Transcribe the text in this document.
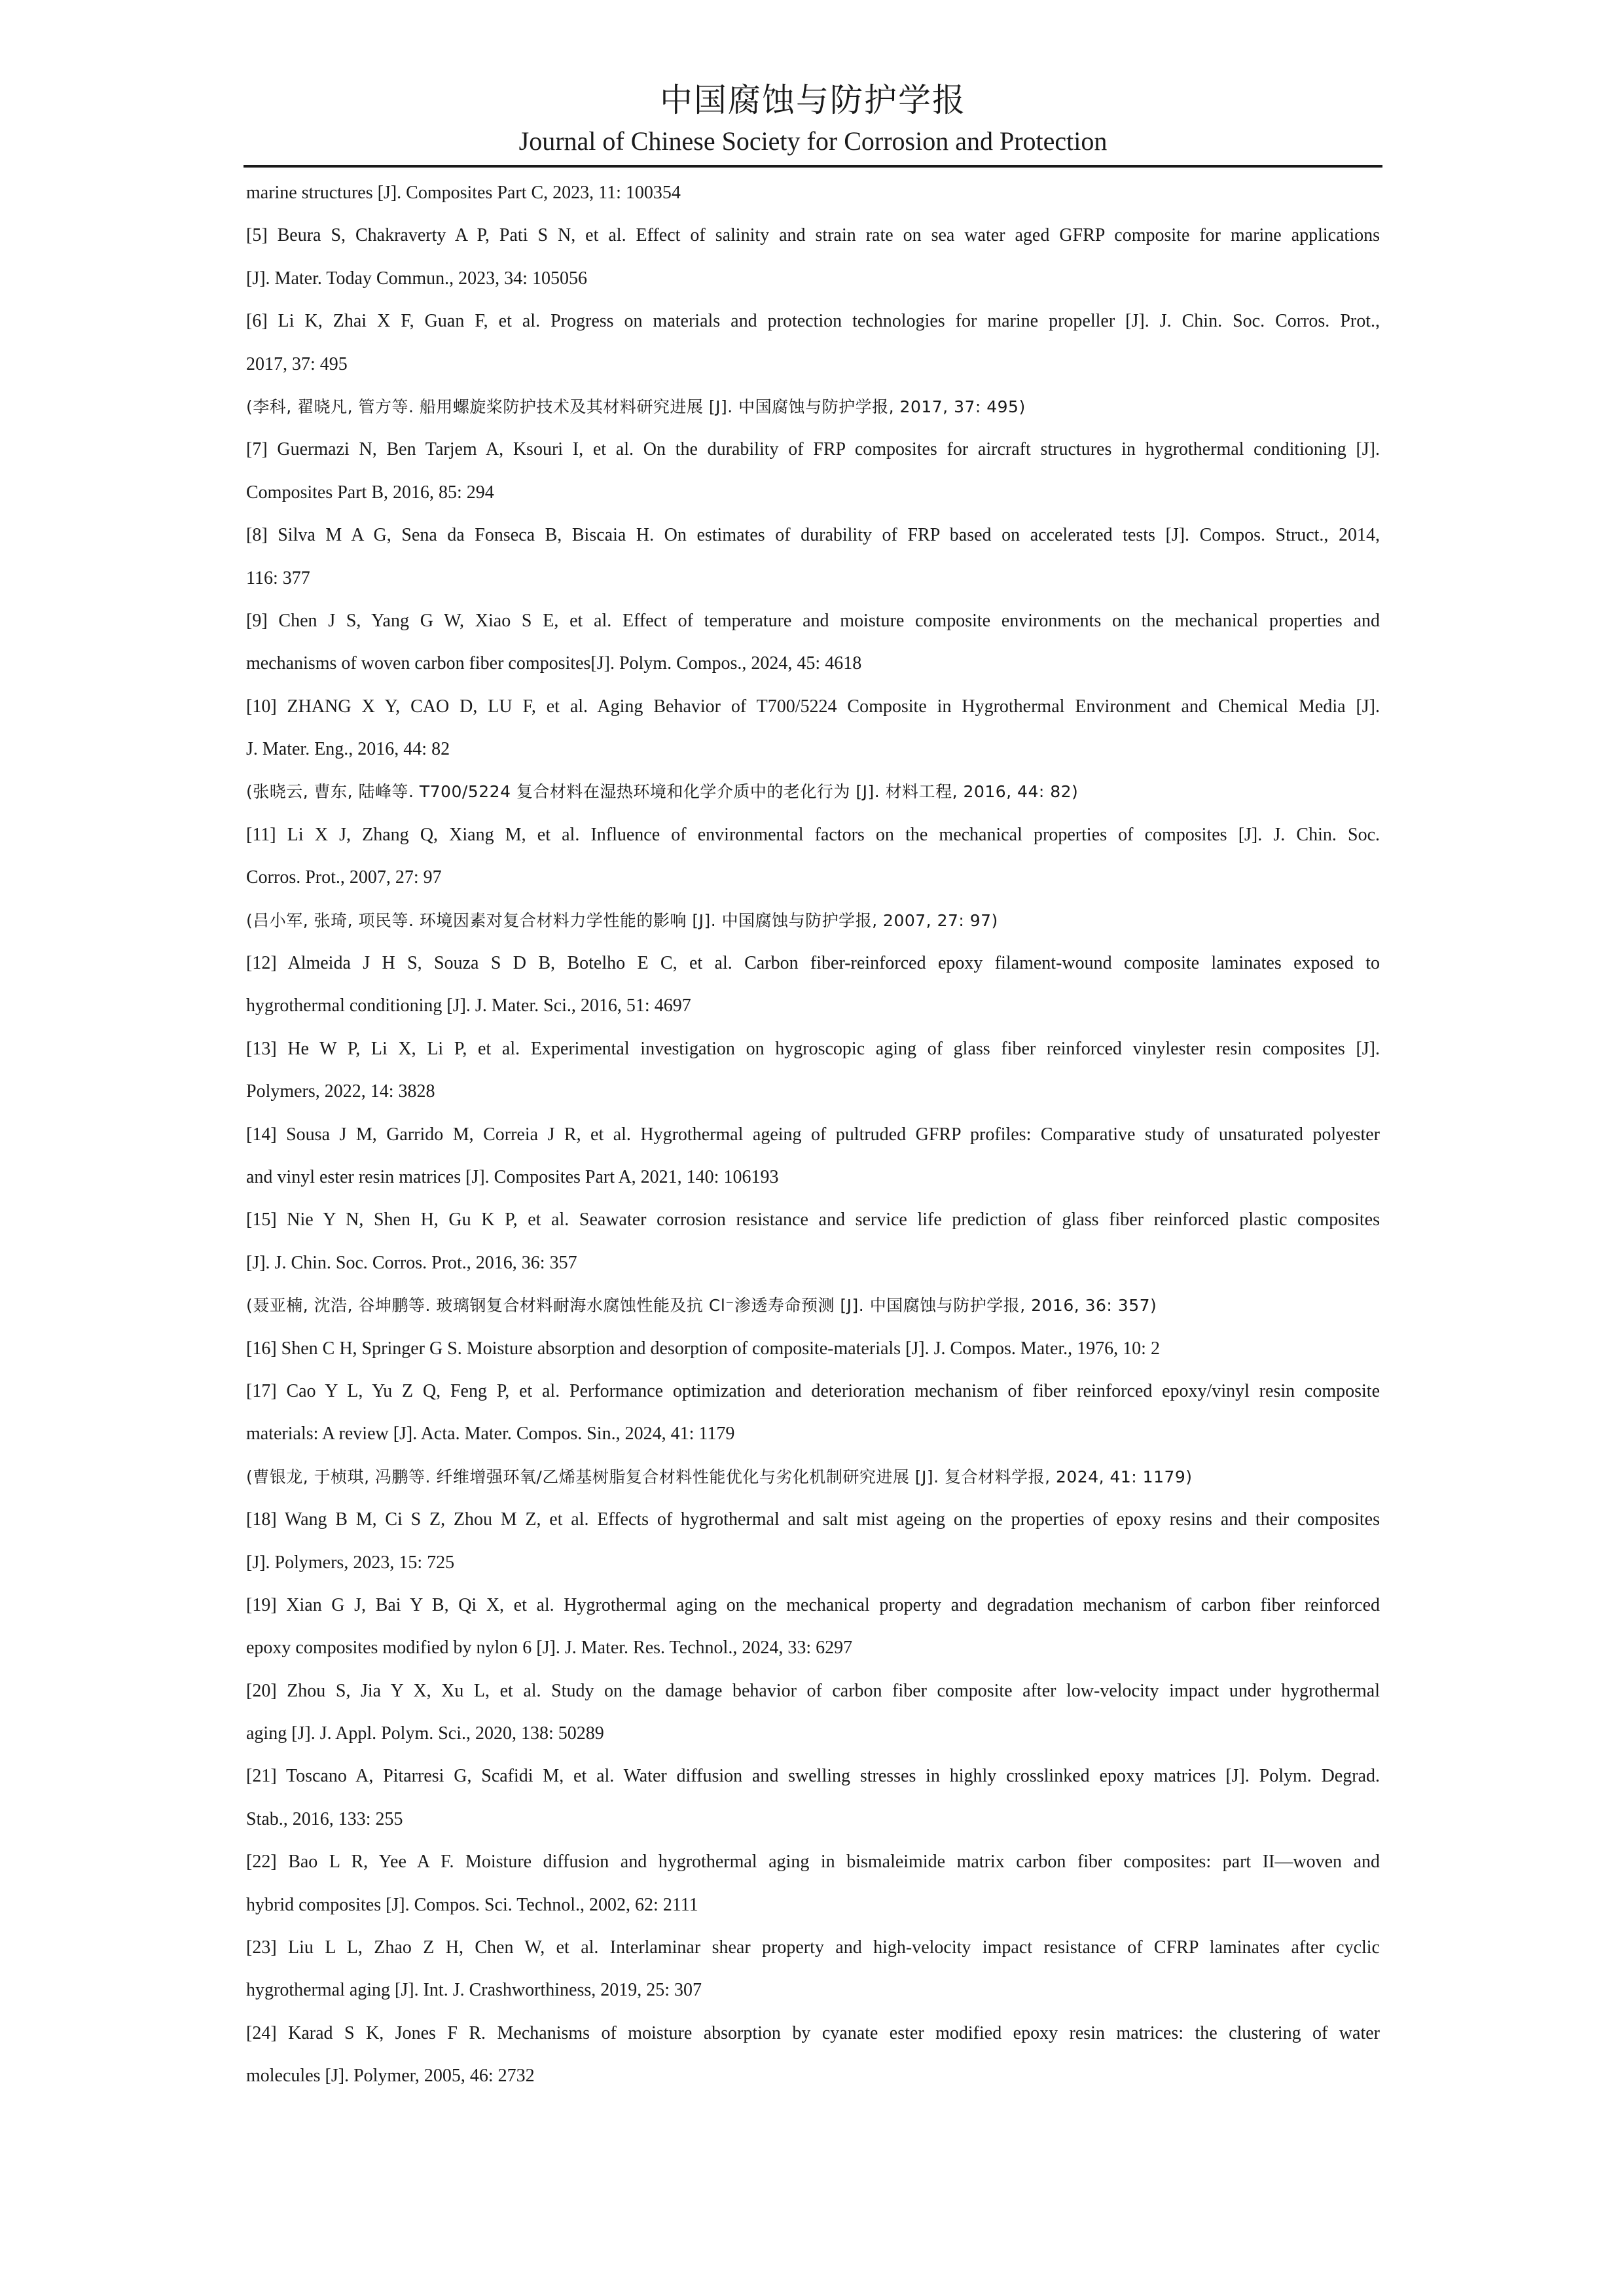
中国腐蚀与防护学报
Journal of Chinese Society for Corrosion and Protection
marine structures [J]. Composites Part C, 2023, 11: 100354
[5] Beura S, Chakraverty A P, Pati S N, et al. Effect of salinity and strain rate on sea water aged GFRP composite for marine applications
[J]. Mater. Today Commun., 2023, 34: 105056
[6] Li K, Zhai X F, Guan F, et al. Progress on materials and protection technologies for marine propeller [J]. J. Chin. Soc. Corros. Prot.,
2017, 37: 495
(李科, 翟晓凡, 管方等. 船用螺旋桨防护技术及其材料研究进展 [J]. 中国腐蚀与防护学报, 2017, 37: 495)
[7] Guermazi N, Ben Tarjem A, Ksouri I, et al. On the durability of FRP composites for aircraft structures in hygrothermal conditioning [J].
Composites Part B, 2016, 85: 294
[8] Silva M A G, Sena da Fonseca B, Biscaia H. On estimates of durability of FRP based on accelerated tests [J]. Compos. Struct., 2014,
116: 377
[9] Chen J S, Yang G W, Xiao S E, et al. Effect of temperature and moisture composite environments on the mechanical properties and
mechanisms of woven carbon fiber composites[J]. Polym. Compos., 2024, 45: 4618
[10] ZHANG X Y, CAO D, LU F, et al. Aging Behavior of T700/5224 Composite in Hygrothermal Environment and Chemical Media [J].
J. Mater. Eng., 2016, 44: 82
(张晓云, 曹东, 陆峰等. T700/5224 复合材料在湿热环境和化学介质中的老化行为 [J]. 材料工程, 2016, 44: 82)
[11] Li X J, Zhang Q, Xiang M, et al. Influence of environmental factors on the mechanical properties of composites [J]. J. Chin. Soc.
Corros. Prot., 2007, 27: 97
(吕小军, 张琦, 项民等. 环境因素对复合材料力学性能的影响 [J]. 中国腐蚀与防护学报, 2007, 27: 97)
[12] Almeida J H S, Souza S D B, Botelho E C, et al. Carbon fiber-reinforced epoxy filament-wound composite laminates exposed to
hygrothermal conditioning [J]. J. Mater. Sci., 2016, 51: 4697
[13] He W P, Li X, Li P, et al. Experimental investigation on hygroscopic aging of glass fiber reinforced vinylester resin composites [J].
Polymers, 2022, 14: 3828
[14] Sousa J M, Garrido M, Correia J R, et al. Hygrothermal ageing of pultruded GFRP profiles: Comparative study of unsaturated polyester
and vinyl ester resin matrices [J]. Composites Part A, 2021, 140: 106193
[15] Nie Y N, Shen H, Gu K P, et al. Seawater corrosion resistance and service life prediction of glass fiber reinforced plastic composites
[J]. J. Chin. Soc. Corros. Prot., 2016, 36: 357
(聂亚楠, 沈浩, 谷坤鹏等. 玻璃钢复合材料耐海水腐蚀性能及抗 Cl⁻渗透寿命预测 [J]. 中国腐蚀与防护学报, 2016, 36: 357)
[16] Shen C H, Springer G S. Moisture absorption and desorption of composite-materials [J]. J. Compos. Mater., 1976, 10: 2
[17] Cao Y L, Yu Z Q, Feng P, et al. Performance optimization and deterioration mechanism of fiber reinforced epoxy/vinyl resin composite
materials: A review [J]. Acta. Mater. Compos. Sin., 2024, 41: 1179
(曹银龙, 于桢琪, 冯鹏等. 纤维增强环氧/乙烯基树脂复合材料性能优化与劣化机制研究进展 [J]. 复合材料学报, 2024, 41: 1179)
[18] Wang B M, Ci S Z, Zhou M Z, et al. Effects of hygrothermal and salt mist ageing on the properties of epoxy resins and their composites
[J]. Polymers, 2023, 15: 725
[19] Xian G J, Bai Y B, Qi X, et al. Hygrothermal aging on the mechanical property and degradation mechanism of carbon fiber reinforced
epoxy composites modified by nylon 6 [J]. J. Mater. Res. Technol., 2024, 33: 6297
[20] Zhou S, Jia Y X, Xu L, et al. Study on the damage behavior of carbon fiber composite after low-velocity impact under hygrothermal
aging [J]. J. Appl. Polym. Sci., 2020, 138: 50289
[21] Toscano A, Pitarresi G, Scafidi M, et al. Water diffusion and swelling stresses in highly crosslinked epoxy matrices [J]. Polym. Degrad.
Stab., 2016, 133: 255
[22] Bao L R, Yee A F. Moisture diffusion and hygrothermal aging in bismaleimide matrix carbon fiber composites: part II—woven and
hybrid composites [J]. Compos. Sci. Technol., 2002, 62: 2111
[23] Liu L L, Zhao Z H, Chen W, et al. Interlaminar shear property and high-velocity impact resistance of CFRP laminates after cyclic
hygrothermal aging [J]. Int. J. Crashworthiness, 2019, 25: 307
[24] Karad S K, Jones F R. Mechanisms of moisture absorption by cyanate ester modified epoxy resin matrices: the clustering of water
molecules [J]. Polymer, 2005, 46: 2732
